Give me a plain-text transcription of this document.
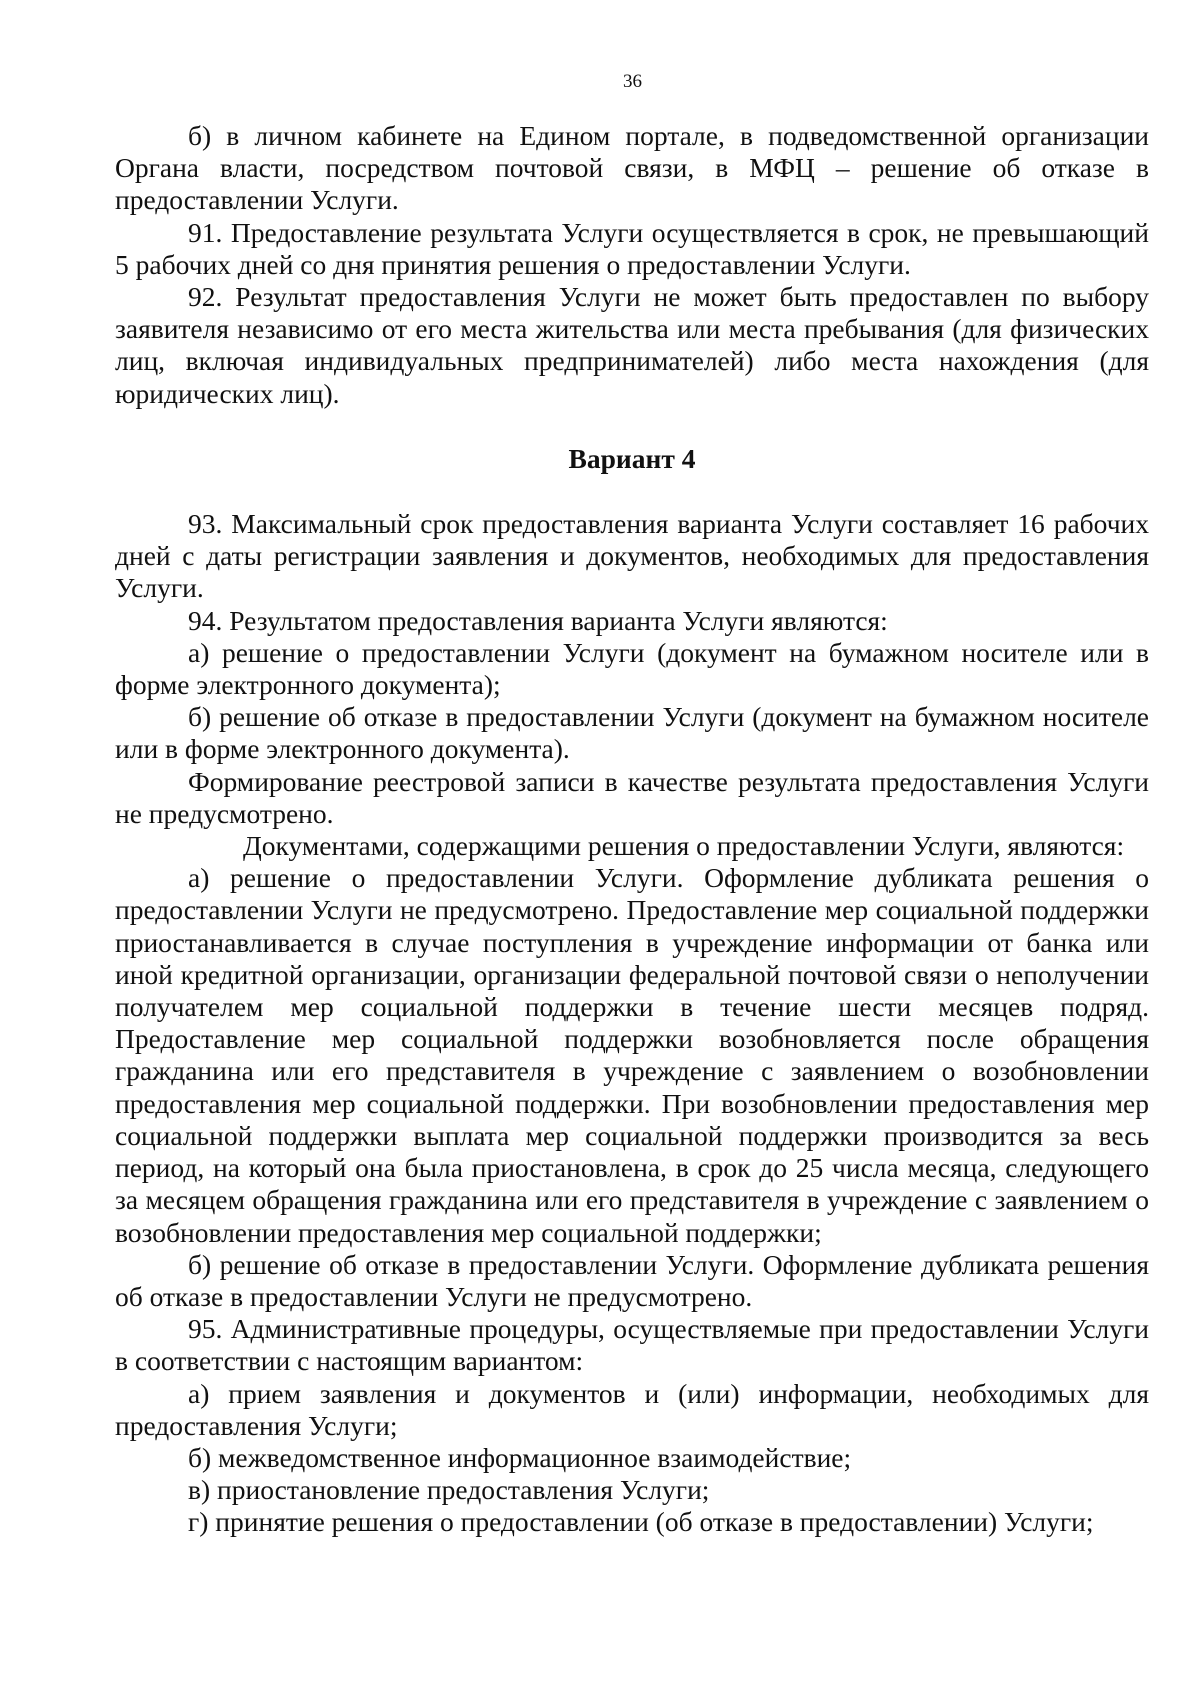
36

б) в личном кабинете на Едином портале, в подведомственной организации Органа власти, посредством почтовой связи, в МФЦ – решение об отказе в предоставлении Услуги.

91. Предоставление результата Услуги осуществляется в срок, не превышающий 5 рабочих дней со дня принятия решения о предоставлении Услуги.

92. Результат предоставления Услуги не может быть предоставлен по выбору заявителя независимо от его места жительства или места пребывания (для физических лиц, включая индивидуальных предпринимателей) либо места нахождения (для юридических лиц).

Вариант 4

93. Максимальный срок предоставления варианта Услуги составляет 16 рабочих дней с даты регистрации заявления и документов, необходимых для предоставления Услуги.

94. Результатом предоставления варианта Услуги являются:

а) решение о предоставлении Услуги (документ на бумажном носителе или в форме электронного документа);

б) решение об отказе в предоставлении Услуги (документ на бумажном носителе или в форме электронного документа).

Формирование реестровой записи в качестве результата предоставления Услуги не предусмотрено.

Документами, содержащими решения о предоставлении Услуги, являются:

а) решение о предоставлении Услуги. Оформление дубликата решения о предоставлении Услуги не предусмотрено. Предоставление мер социальной поддержки приостанавливается в случае поступления в учреждение информации от банка или иной кредитной организации, организации федеральной почтовой связи о неполучении получателем мер социальной поддержки в течение шести месяцев подряд. Предоставление мер социальной поддержки возобновляется после обращения гражданина или его представителя в учреждение с заявлением о возобновлении предоставления мер социальной поддержки. При возобновлении предоставления мер социальной поддержки выплата мер социальной поддержки производится за весь период, на который она была приостановлена, в срок до 25 числа месяца, следующего за месяцем обращения гражданина или его представителя в учреждение с заявлением о возобновлении предоставления мер социальной поддержки;

б) решение об отказе в предоставлении Услуги. Оформление дубликата решения об отказе в предоставлении Услуги не предусмотрено.

95. Административные процедуры, осуществляемые при предоставлении Услуги в соответствии с настоящим вариантом:

а) прием заявления и документов и (или) информации, необходимых для предоставления Услуги;

б) межведомственное информационное взаимодействие;

в) приостановление предоставления Услуги;

г) принятие решения о предоставлении (об отказе в предоставлении) Услуги;
